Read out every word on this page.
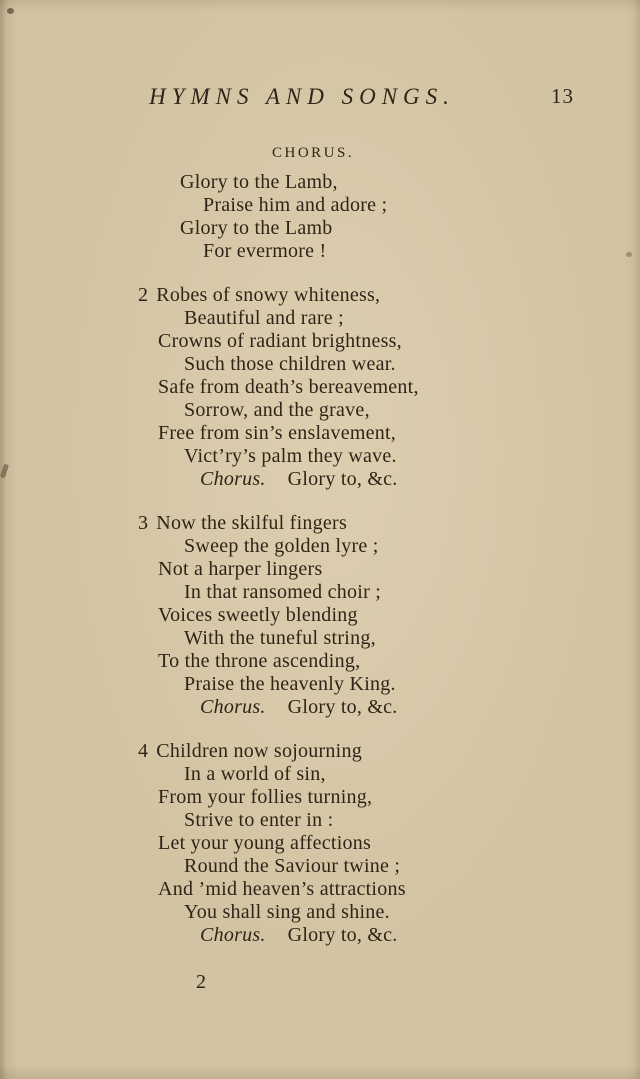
HYMNS AND SONGS.	13
CHORUS.
Glory to the Lamb,
Praise him and adore ;
Glory to the Lamb
For evermore !
2 Robes of snowy whiteness,
Beautiful and rare ;
Crowns of radiant brightness,
Such those children wear.
Safe from death’s bereavement,
Sorrow, and the grave,
Free from sin’s enslavement,
Vict’ry’s palm they wave.
Chorus. Glory to, &c.
3 Now the skilful fingers
Sweep the golden lyre ;
Not a harper lingers
In that ransomed choir ;
Voices sweetly blending
With the tuneful string,
To the throne ascending,
Praise the heavenly King.
Chorus. Glory to, &c.
4 Children now sojourning
In a world of sin,
From your follies turning,
Strive to enter in :
Let your young affections
Round the Saviour twine ;
And ’mid heaven’s attractions
You shall sing and shine.
Chorus. Glory to, &c.
2
